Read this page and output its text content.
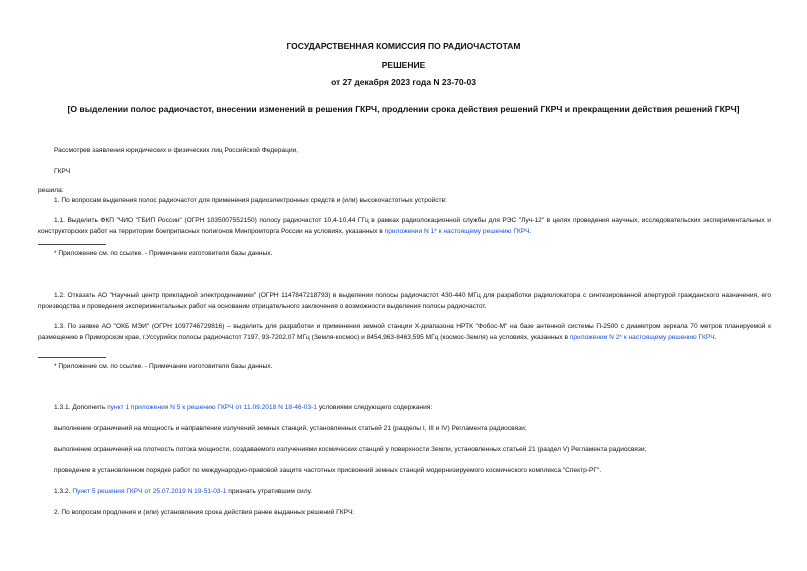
ГОСУДАРСТВЕННАЯ КОМИССИЯ ПО РАДИОЧАСТОТАМ
РЕШЕНИЕ
от 27 декабря 2023 года N 23-70-03
[О выделении полос радиочастот, внесении изменений в решения ГКРЧ, продлении срока действия решений ГКРЧ и прекращении действия решений ГКРЧ]
Рассмотрев заявления юридических и физических лиц Российской Федерации,
ГКРЧ
решила:
1. По вопросам выделения полос радиочастот для применения радиоэлектронных средств и (или) высокочастотных устройств:
1.1. Выделить ФКП "ЧИО "ГБИП России" (ОГРН 1035007552150) полосу радиочастот 10,4-10,44 ГГц в рамках радиолокационной службы для РЭС "Луч-12" в целях проведения научных, исследовательских экспериментальных и конструкторских работ на территории боеприпасных полигонов Минпромторга России на условиях, указанных в приложении N 1* к настоящему решению ГКРЧ.
* Приложение см. по ссылке. - Примечание изготовителя базы данных.
1.2. Отказать АО "Научный центр прикладной электродинамики" (ОГРН 1147847218793) в выделении полосы радиочастот 430-440 МГц для разработки радиолокатора с синтезированной апертурой гражданского назначения, его производства и проведения экспериментальных работ на основании отрицательного заключения о возможности выделения полосы радиочастот.
1.3. По заявке АО "ОКБ МЭИ" (ОГРН 1097746729816) – выделить для разработки и применения земной станции X-диапазона НРТК "Фобос-М" на базе антенной системы П-2500 с диаметром зеркала 70 метров планируемой к размещению в Приморском крае, г.Уссурийск полосы радиочастот 7197, 93-7202,07 МГц (Земля-космос) и 8454,963-8463,595 МГц (космос-Земля) на условиях, указанных в приложении N 2* к настоящему решению ГКРЧ.
* Приложение см. по ссылке. - Примечание изготовителя базы данных.
1.3.1. Дополнить пункт 1 приложения N 5 к решению ГКРЧ от 11.09.2018 N 18-46-03-1 условиями следующего содержания:
выполнение ограничений на мощность и направление излучений земных станций, установленных статьей 21 (разделы I, III и IV) Регламента радиосвязи;
выполнение ограничений на плотность потока мощности, создаваемого излучениями космических станций у поверхности Земли, установленных статьей 21 (раздел V) Регламента радиосвязи;
проведение в установленном порядке работ по международно-правовой защите частотных присвоений земных станций модернизируемого космического комплекса "Спектр-РГ".
1.3.2. Пункт 5 решения ГКРЧ от 25.07.2019 N 19-51-03-1 признать утратившим силу.
2. По вопросам продления и (или) установления срока действия ранее выданных решений ГКРЧ:
